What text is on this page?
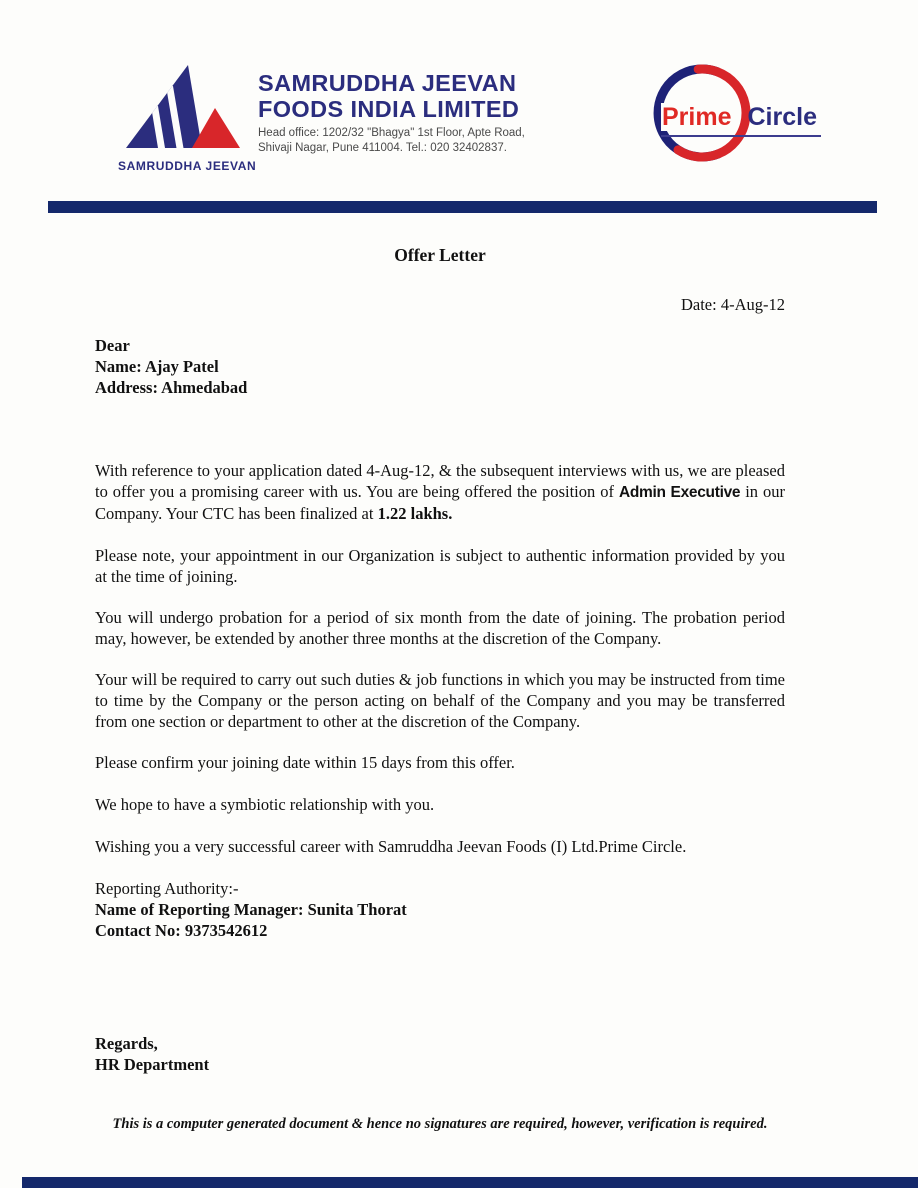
SAMRUDDHA JEEVAN
SAMRUDDHA JEEVAN
FOODS INDIA LIMITED
Head office: 1202/32 "Bhagya" 1st Floor, Apte Road,
Shivaji Nagar, Pune 411004. Tel.: 020 32402837.
Prime Circle
Offer Letter
Date: 4-Aug-12
Dear
Name: Ajay Patel
Address: Ahmedabad

With reference to your application dated 4-Aug-12, & the subsequent interviews with us, we are pleased to offer you a promising career with us. You are being offered the position of Admin Executive in our Company. Your CTC has been finalized at 1.22 lakhs.

Please note, your appointment in our Organization is subject to authentic information provided by you at the time of joining.

You will undergo probation for a period of six month from the date of joining. The probation period may, however, be extended by another three months at the discretion of the Company.

Your will be required to carry out such duties & job functions in which you may be instructed from time to time by the Company or the person acting on behalf of the Company and you may be transferred from one section or department to other at the discretion of the Company.

Please confirm your joining date within 15 days from this offer.

We hope to have a symbiotic relationship with you.

Wishing you a very successful career with Samruddha Jeevan Foods (I) Ltd.Prime Circle.

Reporting Authority:-
Name of Reporting Manager: Sunita Thorat
Contact No: 9373542612
Regards,
HR Department
This is a computer generated document & hence no signatures are required, however, verification is required.
